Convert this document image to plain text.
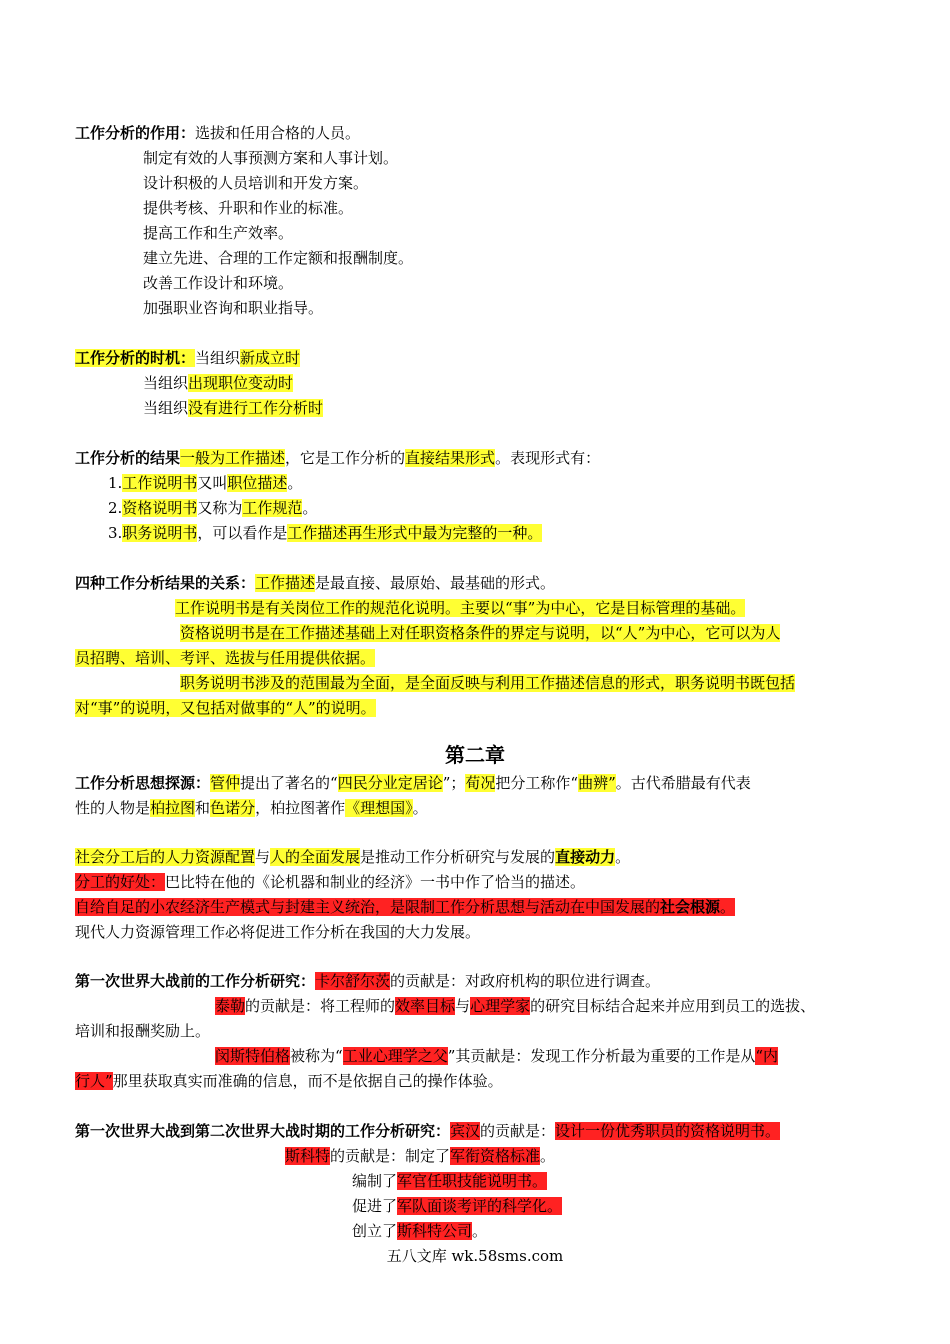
工作分析的作用：选拔和任用合格的人员。
制定有效的人事预测方案和人事计划。
设计积极的人员培训和开发方案。
提供考核、升职和作业的标准。
提高工作和生产效率。
建立先进、合理的工作定额和报酬制度。
改善工作设计和环境。
加强职业咨询和职业指导。
工作分析的时机：当组织新成立时
当组织出现职位变动时
当组织没有进行工作分析时
工作分析的结果一般为工作描述，它是工作分析的直接结果形式。表现形式有：
1.工作说明书又叫职位描述。
2.资格说明书又称为工作规范。
3.职务说明书，可以看作是工作描述再生形式中最为完整的一种。
四种工作分析结果的关系：工作描述是最直接、最原始、最基础的形式。
工作说明书是有关岗位工作的规范化说明。主要以“事”为中心，它是目标管理的基础。
资格说明书是在工作描述基础上对任职资格条件的界定与说明，以“人”为中心，它可以为人
员招聘、培训、考评、选拔与任用提供依据。
职务说明书涉及的范围最为全面，是全面反映与利用工作描述信息的形式，职务说明书既包括
对“事”的说明，又包括对做事的“人”的说明。
第二章
工作分析思想探源：管仲提出了著名的“四民分业定居论”；荀况把分工称作“曲辨”。古代希腊最有代表
性的人物是柏拉图和色诺分，柏拉图著作《理想国》。
社会分工后的人力资源配置与人的全面发展是推动工作分析研究与发展的直接动力。
分工的好处：巴比特在他的《论机器和制业的经济》一书中作了恰当的描述。
自给自足的小农经济生产模式与封建主义统治，是限制工作分析思想与活动在中国发展的社会根源。
现代人力资源管理工作必将促进工作分析在我国的大力发展。
第一次世界大战前的工作分析研究：卡尔舒尔茨的贡献是：对政府机构的职位进行调查。
泰勒的贡献是：将工程师的效率目标与心理学家的研究目标结合起来并应用到员工的选拔、
培训和报酬奖励上。
闵斯特伯格被称为“工业心理学之父”其贡献是：发现工作分析最为重要的工作是从“内
行人”那里获取真实而准确的信息，而不是依据自己的操作体验。
第一次世界大战到第二次世界大战时期的工作分析研究：宾汉的贡献是：设计一份优秀职员的资格说明书。
斯科特的贡献是：制定了军衔资格标准。
编制了军官任职技能说明书。
促进了军队面谈考评的科学化。
创立了斯科特公司。
五八文库 wk.58sms.com
